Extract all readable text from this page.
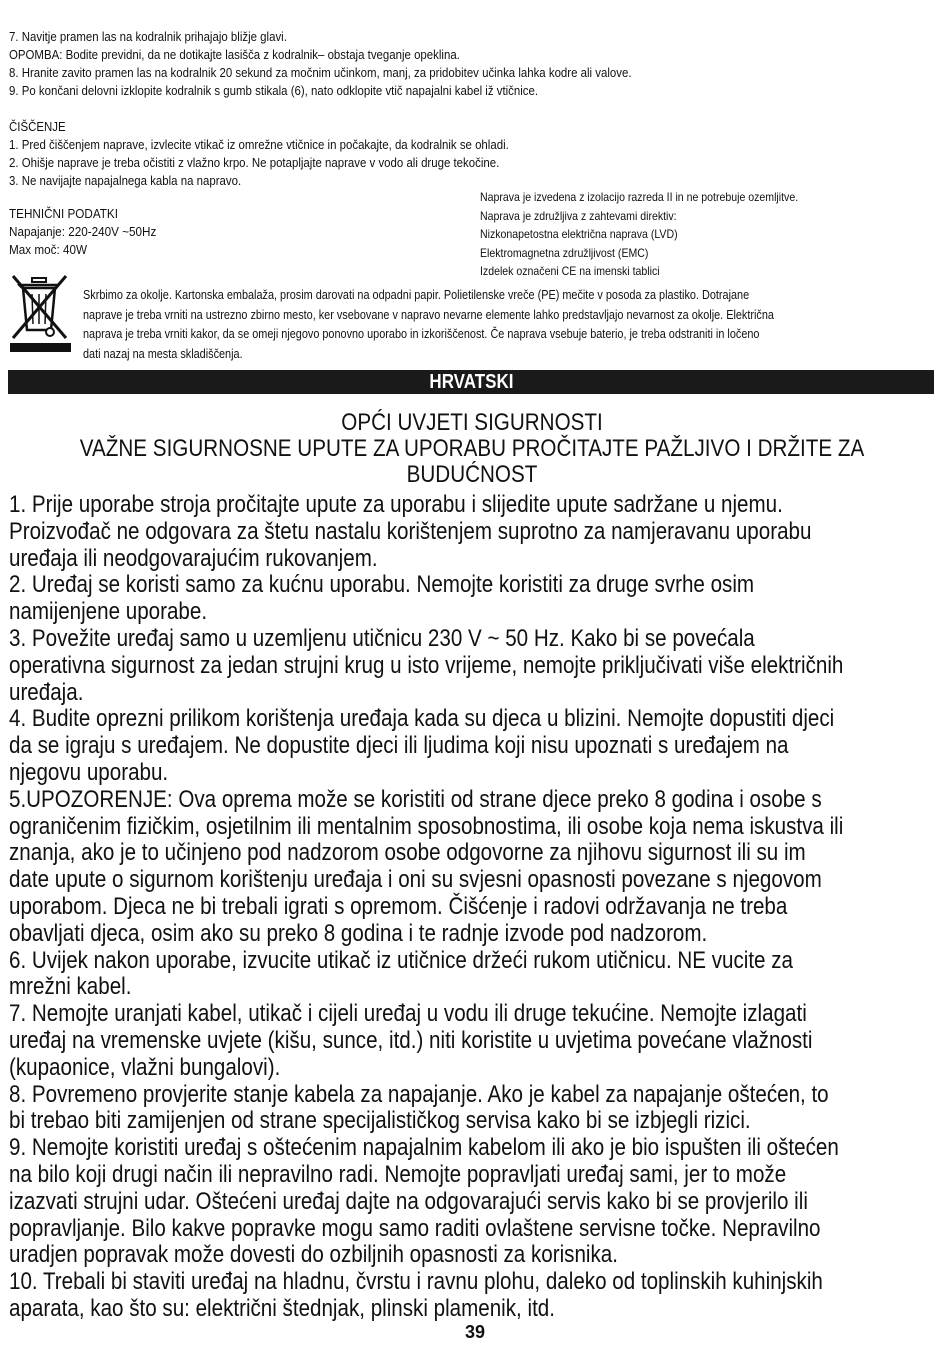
7. Navitje pramen las na kodralnik prihajajo bližje glavi.
OPOMBA: Bodite previdni, da ne dotikajte lasišča z kodralnik– obstaja tveganje opeklina.
8. Hranite zavito pramen las na kodralnik 20 sekund za močnim učinkom, manj, za pridobitev učinka lahka kodre ali valove.
9. Po končani delovni izklopite kodralnik s gumb stikala (6), nato odklopite vtič napajalni kabel iž vtičnice.
ČIŠČENJE
1. Pred čiščenjem naprave, izvlecite vtikač iz omrežne vtičnice in počakajte, da kodralnik se ohladi.
2. Ohišje naprave je treba očistiti z vlažno krpo. Ne potapljajte naprave v vodo ali druge tekočine.
3. Ne navijajte napajalnega kabla na napravo.
TEHNIČNI PODATKI
Napajanje: 220-240V ~50Hz
Max moč: 40W
Naprava je izvedena z izolacijo razreda II in ne potrebuje ozemljitve.
Naprava je združljiva z zahtevami direktiv:
Nizkonapetostna električna naprava (LVD)
Elektromagnetna združljivost (EMC)
Izdelek označeni CE na imenski tablici
Skrbimo za okolje. Kartonska embalaža, prosim darovati na odpadni papir. Polietilenske vreče (PE) mečite v posoda za plastiko. Dotrajane
naprave je treba vrniti na ustrezno zbirno mesto, ker vsebovane v napravo nevarne elemente lahko predstavljajo nevarnost za okolje. Električna
naprava je treba vrniti kakor, da se omeji njegovo ponovno uporabo in izkoriščenost. Če naprava vsebuje baterio, je treba odstraniti in ločeno
dati nazaj na mesta skladiščenja.
HRVATSKI
OPĆI UVJETI SIGURNOSTI
VAŽNE SIGURNOSNE UPUTE ZA UPORABU PROČITAJTE PAŽLJIVO I DRŽITE ZA
BUDUĆNOST
1. Prije uporabe stroja pročitajte upute za uporabu i slijedite upute sadržane u njemu.
Proizvođač ne odgovara za štetu nastalu korištenjem suprotno za namjeravanu uporabu
uređaja ili neodgovarajućim rukovanjem.
2. Uređaj se koristi samo za kućnu uporabu. Nemojte koristiti za druge svrhe osim
namijenjene uporabe.
3. Povežite uređaj samo u uzemljenu utičnicu 230 V ~ 50 Hz. Kako bi se povećala
operativna sigurnost za jedan strujni krug u isto vrijeme, nemojte priključivati više električnih
uređaja.
4. Budite oprezni prilikom korištenja uređaja kada su djeca u blizini. Nemojte dopustiti djeci
da se igraju s uređajem. Ne dopustite djeci ili ljudima koji nisu upoznati s uređajem na
njegovu uporabu.
5.UPOZORENJE: Ova oprema može se koristiti od strane djece preko 8 godina i osobe s
ograničenim fizičkim, osjetilnim ili mentalnim sposobnostima, ili osobe koja nema iskustva ili
znanja, ako je to učinjeno pod nadzorom osobe odgovorne za njihovu sigurnost ili su im
date upute o sigurnom korištenju uređaja i oni su svjesni opasnosti povezane s njegovom
uporabom. Djeca ne bi trebali igrati s opremom. Čišćenje i radovi održavanja ne treba
obavljati djeca, osim ako su preko 8 godina i te radnje izvode pod nadzorom.
6. Uvijek nakon uporabe, izvucite utikač iz utičnice držeći rukom utičnicu. NE vucite za
mrežni kabel.
7. Nemojte uranjati kabel, utikač i cijeli uređaj u vodu ili druge tekućine. Nemojte izlagati
uređaj na vremenske uvjete (kišu, sunce, itd.) niti koristite u uvjetima povećane vlažnosti
(kupaonice, vlažni bungalovi).
8. Povremeno provjerite stanje kabela za napajanje. Ako je kabel za napajanje oštećen, to
bi trebao biti zamijenjen od strane specijalističkog servisa kako bi se izbjegli rizici.
9. Nemojte koristiti uređaj s oštećenim napajalnim kabelom ili ako je bio ispušten ili oštećen
na bilo koji drugi način ili nepravilno radi. Nemojte popravljati uređaj sami, jer to može
izazvati strujni udar. Oštećeni uređaj dajte na odgovarajući servis kako bi se provjerilo ili
popravljanje. Bilo kakve popravke mogu samo raditi ovlaštene servisne točke. Nepravilno
uradjen popravak može dovesti do ozbiljnih opasnosti za korisnika.
10. Trebali bi staviti uređaj na hladnu, čvrstu i ravnu plohu, daleko od toplinskih kuhinjskih
aparata, kao što su: električni štednjak, plinski plamenik, itd.
39
